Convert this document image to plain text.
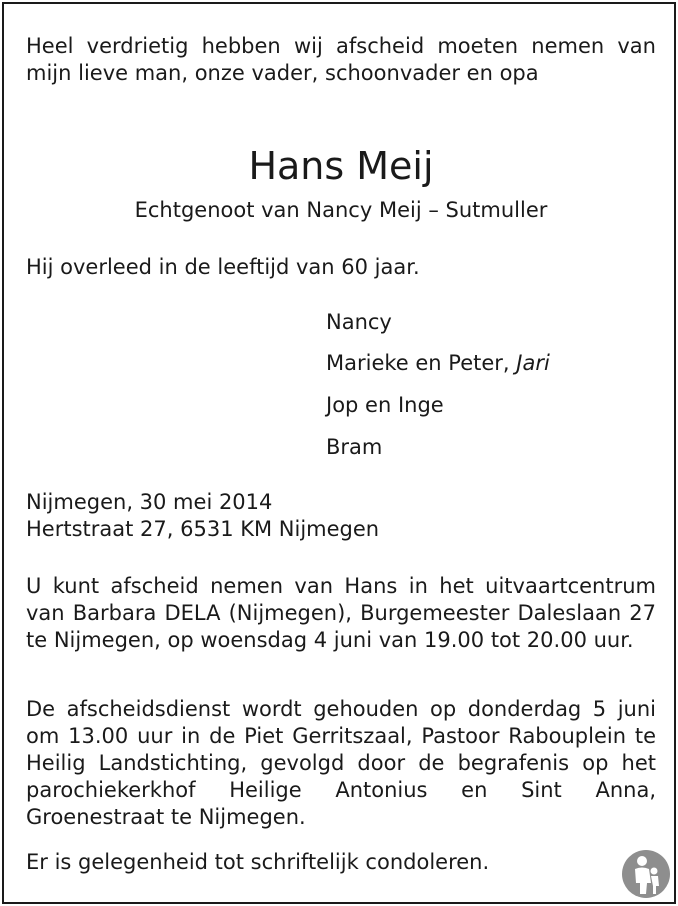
Heel verdrietig hebben wij afscheid moeten nemen van mijn lieve man, onze vader, schoonvader en opa

Hans Meij
Echtgenoot van Nancy Meij – Sutmuller

Hij overleed in de leeftijd van 60 jaar.

Nancy
Marieke en Peter, Jari
Jop en Inge
Bram

Nijmegen, 30 mei 2014

Hertstraat 27, 6531 KM Nijmegen

U kunt afscheid nemen van Hans in het uitvaartcentrum van Barbara DELA (Nijmegen), Burgemeester Daleslaan 27 te Nijmegen, op woensdag 4 juni van 19.00 tot 20.00 uur.

De afscheidsdienst wordt gehouden op donderdag 5 juni om 13.00 uur in de Piet Gerritszaal, Pastoor Rabouplein te Heilig Landstichting, gevolgd door de begrafenis op het parochiekerkhof Heilige Antonius en Sint Anna, Groenestraat te Nijmegen.

Er is gelegenheid tot schriftelijk condoleren.
